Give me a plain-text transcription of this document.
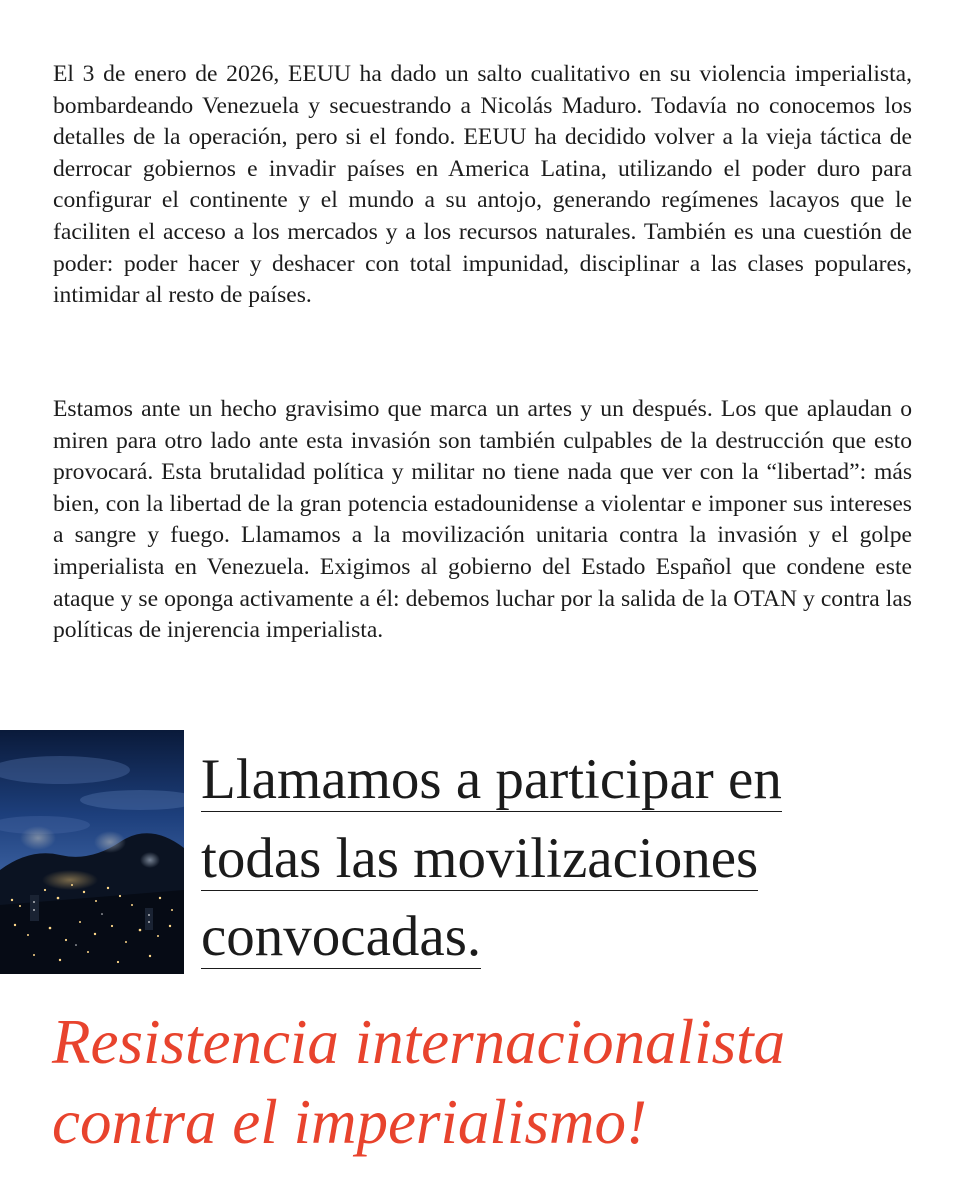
El 3 de enero de 2026, EEUU ha dado un salto cualitativo en su violencia imperialista, bombardeando Venezuela y secuestrando a Nicolás Maduro. Todavía no conocemos los detalles de la operación, pero si el fondo. EEUU ha decidido volver a la vieja táctica de derrocar gobiernos e invadir países en America Latina, utilizando el poder duro para configurar el continente y el mundo a su antojo, generando regímenes lacayos que le faciliten el acceso a los mercados y a los recursos naturales. También es una cuestión de poder: poder hacer y deshacer con total impunidad, disciplinar a las clases populares, intimidar al resto de países.

Estamos ante un hecho gravisimo que marca un artes y un después. Los que aplaudan o miren para otro lado ante esta invasión son también culpables de la destrucción que esto provocará. Esta brutalidad política y militar no tiene nada que ver con la “libertad”: más bien, con la libertad de la gran potencia estadounidense a violentar e imponer sus intereses a sangre y fuego. Llamamos a la movilización unitaria contra la invasión y el golpe imperialista en Venezuela. Exigimos al gobierno del Estado Español que condene este ataque y se oponga activamente a él: debemos luchar por la salida de la OTAN y contra las políticas de injerencia imperialista.

Llamamos a participar en
todas las movilizaciones
convocadas.
Resistencia internacionalista
contra el imperialismo!
